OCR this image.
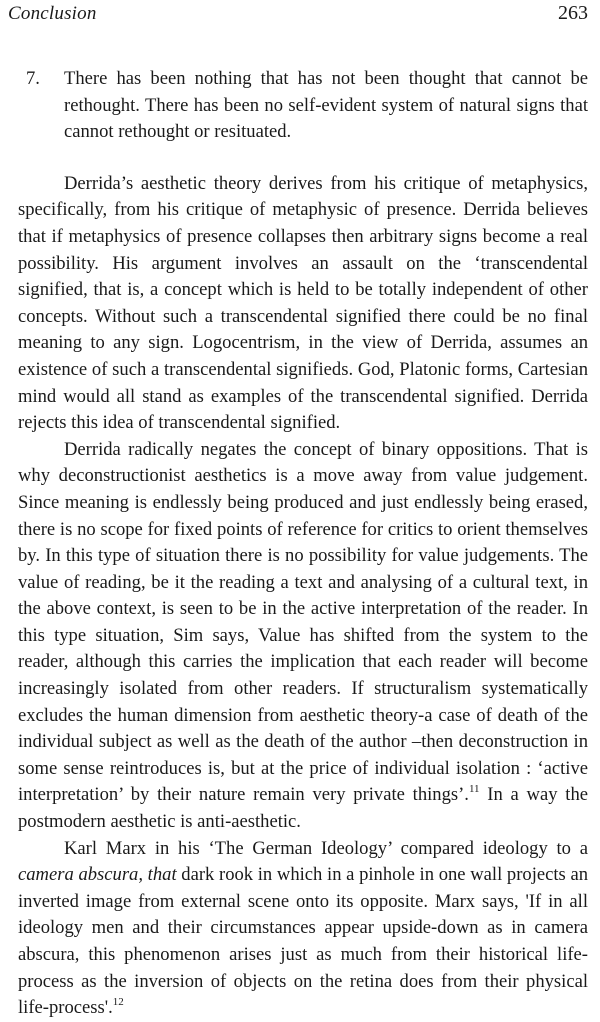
Conclusion	263
7.	There has been nothing that has not been thought that cannot be rethought. There has been no self-evident system of natural signs that cannot rethought or resituated.

Derrida’s aesthetic theory derives from his critique of metaphysics, specifically, from his critique of metaphysic of presence. Derrida believes that if metaphysics of presence collapses then arbitrary signs become a real possibility. His argument involves an assault on the ‘transcendental signified, that is, a concept which is held to be totally independent of other concepts. Without such a transcendental signified there could be no final meaning to any sign. Logocentrism, in the view of Derrida, assumes an existence of such a transcendental signifieds. God, Platonic forms, Cartesian mind would all stand as examples of the transcendental signified. Derrida rejects this idea of transcendental signified.

Derrida radically negates the concept of binary oppositions. That is why deconstructionist aesthetics is a move away from value judgement. Since meaning is endlessly being produced and just endlessly being erased, there is no scope for fixed points of reference for critics to orient themselves by. In this type of situation there is no possibility for value judgements. The value of reading, be it the reading a text and analysing of a cultural text, in the above context, is seen to be in the active interpretation of the reader. In this type situation, Sim says, Value has shifted from the system to the reader, although this carries the implication that each reader will become increasingly isolated from other readers. If structuralism systematically excludes the human dimension from aesthetic theory-a case of death of the individual subject as well as the death of the author –then deconstruction in some sense reintroduces is, but at the price of individual isolation : ‘active interpretation’ by their nature remain very private things’.$^{11}$ In a way the postmodern aesthetic is anti-aesthetic.

Karl Marx in his ‘The German Ideology’ compared ideology to a camera abscura, that dark rook in which in a pinhole in one wall projects an inverted image from external scene onto its opposite. Marx says, 'If in all ideology men and their circumstances appear upside-down as in camera abscura, this phenomenon arises just as much from their historical life-process as the inversion of objects on the retina does from their physical life-process'.$^{12}$
